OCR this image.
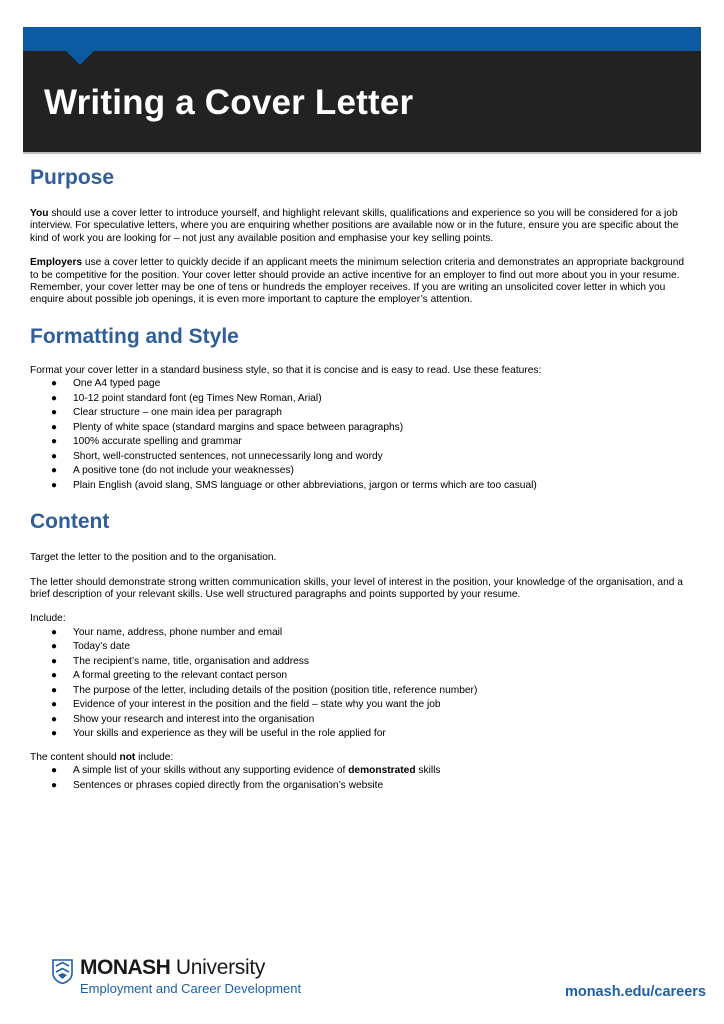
Writing a Cover Letter
Purpose

You should use a cover letter to introduce yourself, and highlight relevant skills, qualifications and experience so you will be considered for a job interview. For speculative letters, where you are enquiring whether positions are available now or in the future, ensure you are specific about the kind of work you are looking for – not just any available position and emphasise your key selling points.

Employers use a cover letter to quickly decide if an applicant meets the minimum selection criteria and demonstrates an appropriate background to be competitive for the position. Your cover letter should provide an active incentive for an employer to find out more about you in your resume. Remember, your cover letter may be one of tens or hundreds the employer receives. If you are writing an unsolicited cover letter in which you enquire about possible job openings, it is even more important to capture the employer’s attention.

Formatting and Style

Format your cover letter in a standard business style, so that it is concise and is easy to read. Use these features:

● One A4 typed page
● 10-12 point standard font (eg Times New Roman, Arial)
● Clear structure – one main idea per paragraph
● Plenty of white space (standard margins and space between paragraphs)
● 100% accurate spelling and grammar
● Short, well-constructed sentences, not unnecessarily long and wordy
● A positive tone (do not include your weaknesses)
● Plain English (avoid slang, SMS language or other abbreviations, jargon or terms which are too casual)
Content

Target the letter to the position and to the organisation.

The letter should demonstrate strong written communication skills, your level of interest in the position, your knowledge of the organisation, and a brief description of your relevant skills. Use well structured paragraphs and points supported by your resume.

Include:

● Your name, address, phone number and email
● Today’s date
● The recipient’s name, title, organisation and address
● A formal greeting to the relevant contact person
● The purpose of the letter, including details of the position (position title, reference number)
● Evidence of your interest in the position and the field – state why you want the job
● Show your research and interest into the organisation
● Your skills and experience as they will be useful in the role applied for

The content should not include:

● A simple list of your skills without any supporting evidence of demonstrated skills
● Sentences or phrases copied directly from the organisation’s website
MONASH University
Employment and Career Development	monash.edu/careers
